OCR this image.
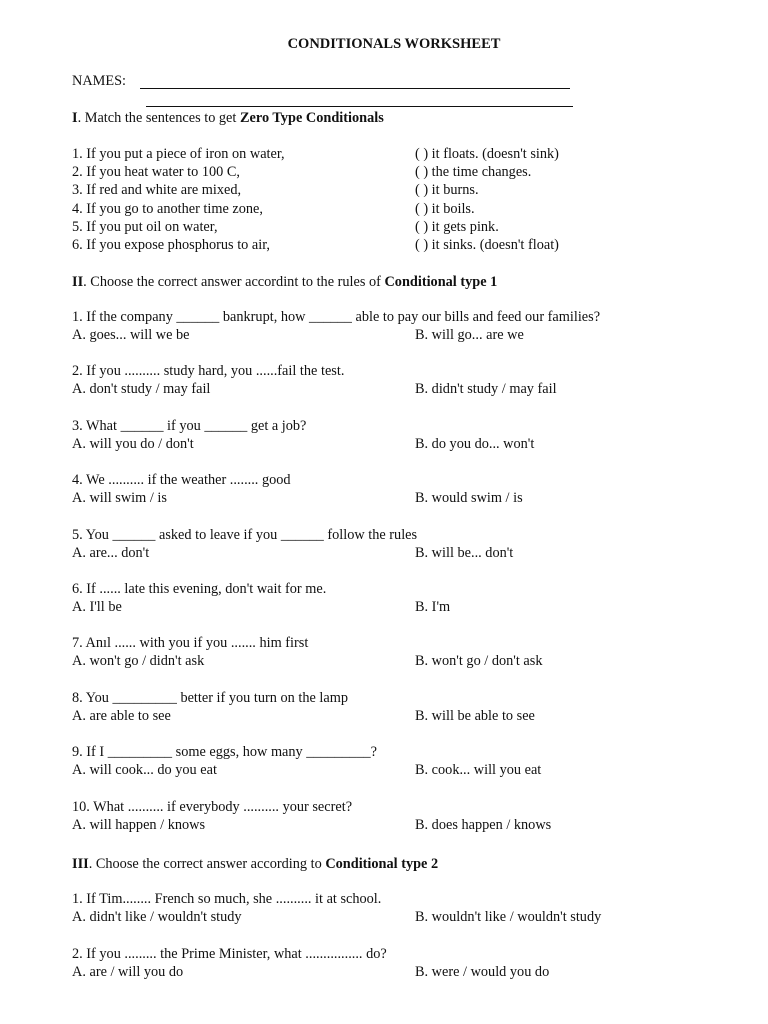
CONDITIONALS WORKSHEET
NAMES:
I. Match the sentences to get Zero Type Conditionals
1. If you put a piece of iron on water,	( ) it floats. (doesn't sink)
2. If you heat water to 100 C,	( ) the time changes.
3. If red and white are mixed,	( ) it burns.
4. If you go to another time zone,	( ) it boils.
5. If you put oil on water,	( ) it gets pink.
6. If you expose phosphorus to air,	( ) it sinks. (doesn't float)
II. Choose the correct answer accordint to the rules of Conditional type 1
1. If the company ______ bankrupt, how ______ able to pay our bills and feed our families?
A. goes... will we be	B. will go... are we
2. If you .......... study hard, you ......fail the test.
A. don't study / may fail	B. didn't study / may fail
3. What ______ if you ______ get a job?
A. will you do / don't	B. do you do... won't
4. We .......... if the weather ........ good
A. will swim / is	B. would swim / is
5. You ______ asked to leave if you ______ follow the rules
A. are... don't	B. will be... don't
6. If ...... late this evening, don't wait for me.
A. I'll be	B. I'm
7. Anıl ...... with you if you ....... him first
A. won't go / didn't ask	B. won't go / don't ask
8. You _________ better if you turn on the lamp
A. are able to see	B. will be able to see
9. If I _________ some eggs, how many _________?
A. will cook... do you eat	B. cook... will you eat
10. What .......... if everybody .......... your secret?
A. will happen / knows	B. does happen / knows
III. Choose the correct answer according to Conditional type 2
1. If Tim........ French so much, she .......... it at school.
A. didn't like / wouldn't study	B. wouldn't like / wouldn't study
2. If you ......... the Prime Minister, what ................ do?
A. are / will you do	B. were / would you do
